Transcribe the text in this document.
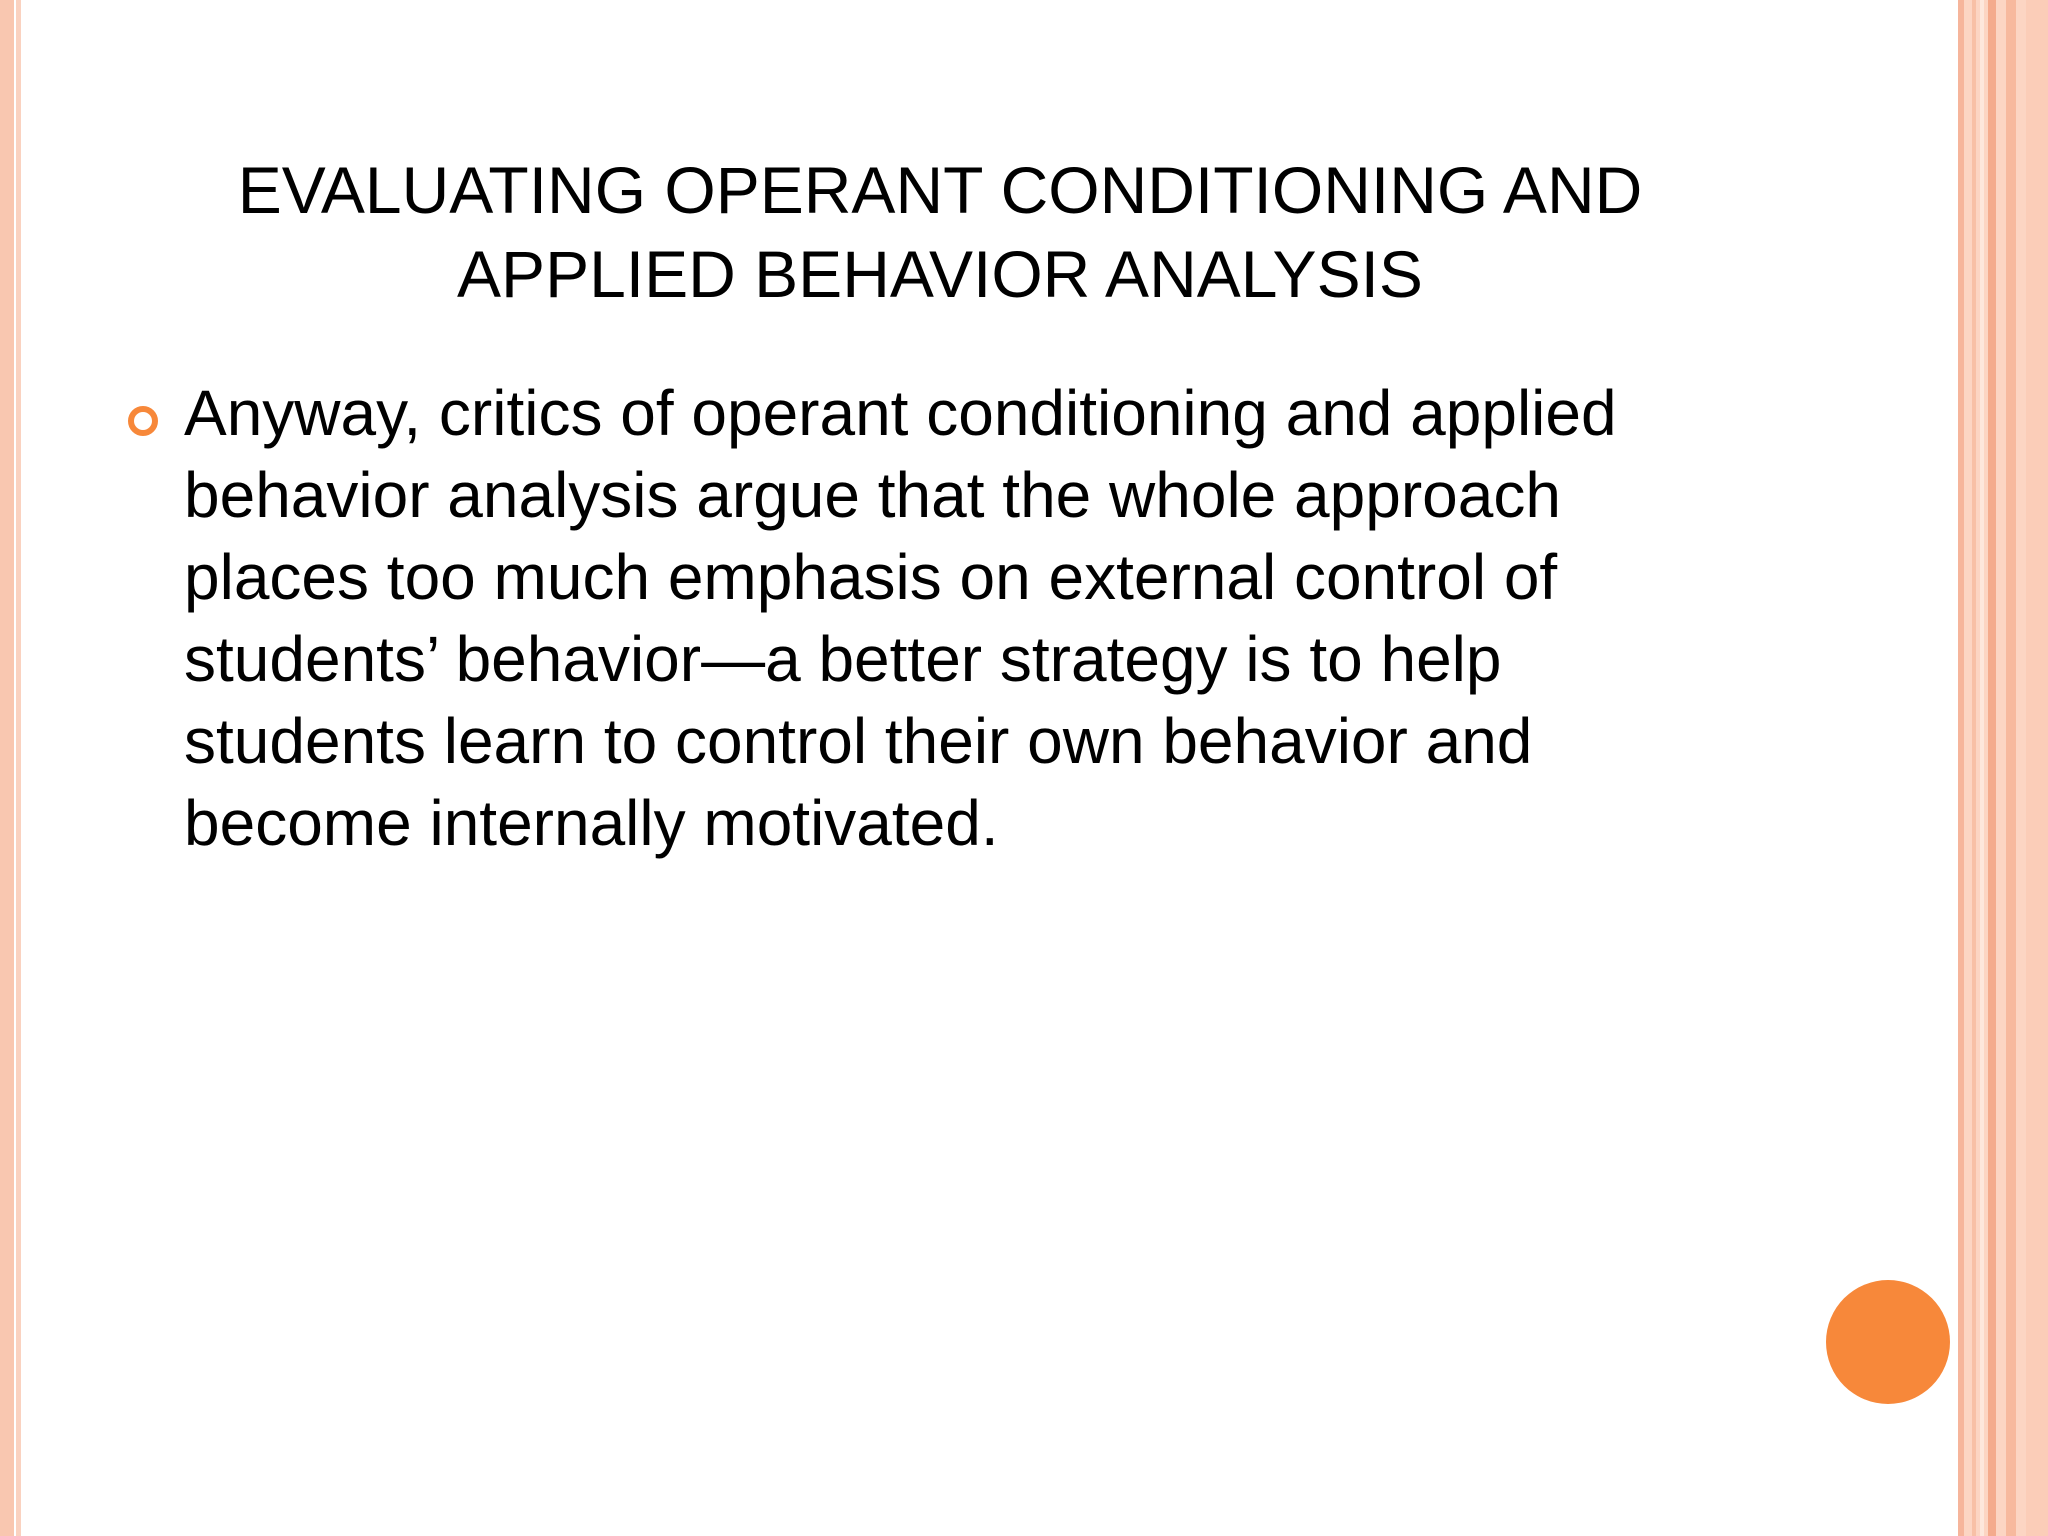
EVALUATING OPERANT CONDITIONING AND
APPLIED BEHAVIOR ANALYSIS
Anyway, critics of operant conditioning and applied
behavior analysis argue that the whole approach
places too much emphasis on external control of
students’ behavior—a better strategy is to help
students learn to control their own behavior and
become internally motivated.
